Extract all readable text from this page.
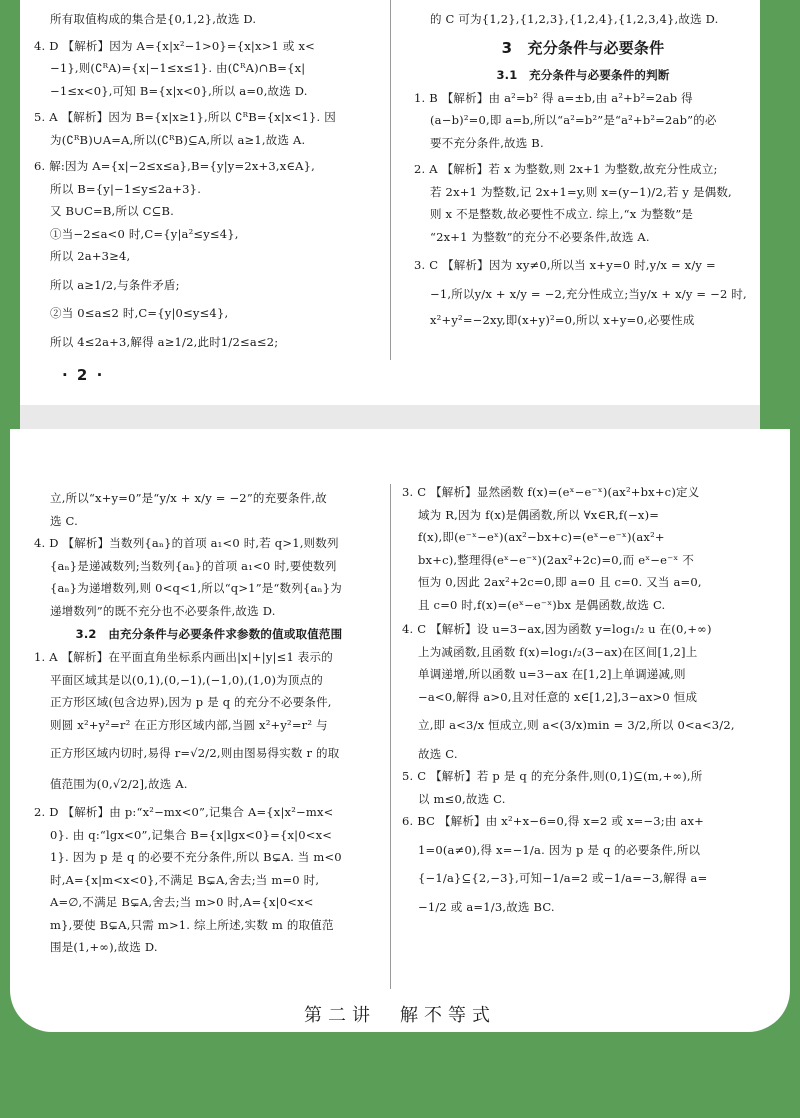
所有取值构成的集合是{0,1,2},故选 D.

4. D 【解析】因为 A={x|x²−1>0}={x|x>1 或 x<

−1},则(∁ᴿA)={x|−1≤x≤1}. 由(∁ᴿA)∩B={x|

−1≤x<0},可知 B={x|x<0},所以 a=0,故选 D.

5. A 【解析】因为 B={x|x≥1},所以 ∁ᴿB={x|x<1}. 因

为(∁ᴿB)∪A=A,所以(∁ᴿB)⊆A,所以 a≥1,故选 A.

6. 解:因为 A={x|−2≤x≤a},B={y|y=2x+3,x∈A},

所以 B={y|−1≤y≤2a+3}.

又 B∪C=B,所以 C⊆B.

①当−2≤a<0 时,C={y|a²≤y≤4},

所以 2a+3≥4,

所以 a≥1/2,与条件矛盾;

②当 0≤a≤2 时,C={y|0≤y≤4},

所以 4≤2a+3,解得 a≥1/2,此时1/2≤a≤2;

的 C 可为{1,2},{1,2,3},{1,2,4},{1,2,3,4},故选 D.

3　充分条件与必要条件

3.1　充分条件与必要条件的判断

1. B 【解析】由 a²=b² 得 a=±b,由 a²+b²=2ab 得

(a−b)²=0,即 a=b,所以“a²=b²”是“a²+b²=2ab”的必

要不充分条件,故选 B.

2. A 【解析】若 x 为整数,则 2x+1 为整数,故充分性成立;

若 2x+1 为整数,记 2x+1=y,则 x=(y−1)/2,若 y 是偶数,

则 x 不是整数,故必要性不成立. 综上,“x 为整数”是

“2x+1 为整数”的充分不必要条件,故选 A.

3. C 【解析】因为 xy≠0,所以当 x+y=0 时,y/x = x/y =

−1,所以y/x + x/y = −2,充分性成立;当y/x + x/y = −2 时,

x²+y²=−2xy,即(x+y)²=0,所以 x+y=0,必要性成

· 2 ·

立,所以“x+y=0”是“y/x + x/y = −2”的充要条件,故

选 C.

4. D 【解析】当数列{aₙ}的首项 a₁<0 时,若 q>1,则数列

{aₙ}是递减数列;当数列{aₙ}的首项 a₁<0 时,要使数列

{aₙ}为递增数列,则 0<q<1,所以“q>1”是“数列{aₙ}为

递增数列”的既不充分也不必要条件,故选 D.

3.2　由充分条件与必要条件求参数的值或取值范围

1. A 【解析】在平面直角坐标系内画出|x|+|y|≤1 表示的

平面区域其是以(0,1),(0,−1),(−1,0),(1,0)为顶点的

正方形区域(包含边界),因为 p 是 q 的充分不必要条件,

则圆 x²+y²=r² 在正方形区域内部,当圆 x²+y²=r² 与

正方形区域内切时,易得 r=√2/2,则由图易得实数 r 的取

值范围为(0,√2/2],故选 A.

2. D 【解析】由 p:“x²−mx<0”,记集合 A={x|x²−mx<

0}. 由 q:“lgx<0”,记集合 B={x|lgx<0}={x|0<x<

1}. 因为 p 是 q 的必要不充分条件,所以 B⊊A. 当 m<0

时,A={x|m<x<0},不满足 B⊊A,舍去;当 m=0 时,

A=∅,不满足 B⊊A,舍去;当 m>0 时,A={x|0<x<

m},要使 B⊊A,只需 m>1. 综上所述,实数 m 的取值范

围是(1,+∞),故选 D.

3. C 【解析】显然函数 f(x)=(eˣ−e⁻ˣ)(ax²+bx+c)定义

域为 R,因为 f(x)是偶函数,所以 ∀x∈R,f(−x)=

f(x),即(e⁻ˣ−eˣ)(ax²−bx+c)=(eˣ−e⁻ˣ)(ax²+

bx+c),整理得(eˣ−e⁻ˣ)(2ax²+2c)=0,而 eˣ−e⁻ˣ 不

恒为 0,因此 2ax²+2c=0,即 a=0 且 c=0. 又当 a=0,

且 c=0 时,f(x)=(eˣ−e⁻ˣ)bx 是偶函数,故选 C.

4. C 【解析】设 u=3−ax,因为函数 y=log₁/₂ u 在(0,+∞)

上为减函数,且函数 f(x)=log₁/₂(3−ax)在区间[1,2]上

单调递增,所以函数 u=3−ax 在[1,2]上单调递减,则

−a<0,解得 a>0,且对任意的 x∈[1,2],3−ax>0 恒成

立,即 a<3/x 恒成立,则 a<(3/x)min = 3/2,所以 0<a<3/2,

故选 C.

5. C 【解析】若 p 是 q 的充分条件,则(0,1)⊆(m,+∞),所

以 m≤0,故选 C.

6. BC 【解析】由 x²+x−6=0,得 x=2 或 x=−3;由 ax+

1=0(a≠0),得 x=−1/a. 因为 p 是 q 的必要条件,所以

{−1/a}⊆{2,−3},可知−1/a=2 或−1/a=−3,解得 a=

−1/2 或 a=1/3,故选 BC.

第二讲　解不等式
